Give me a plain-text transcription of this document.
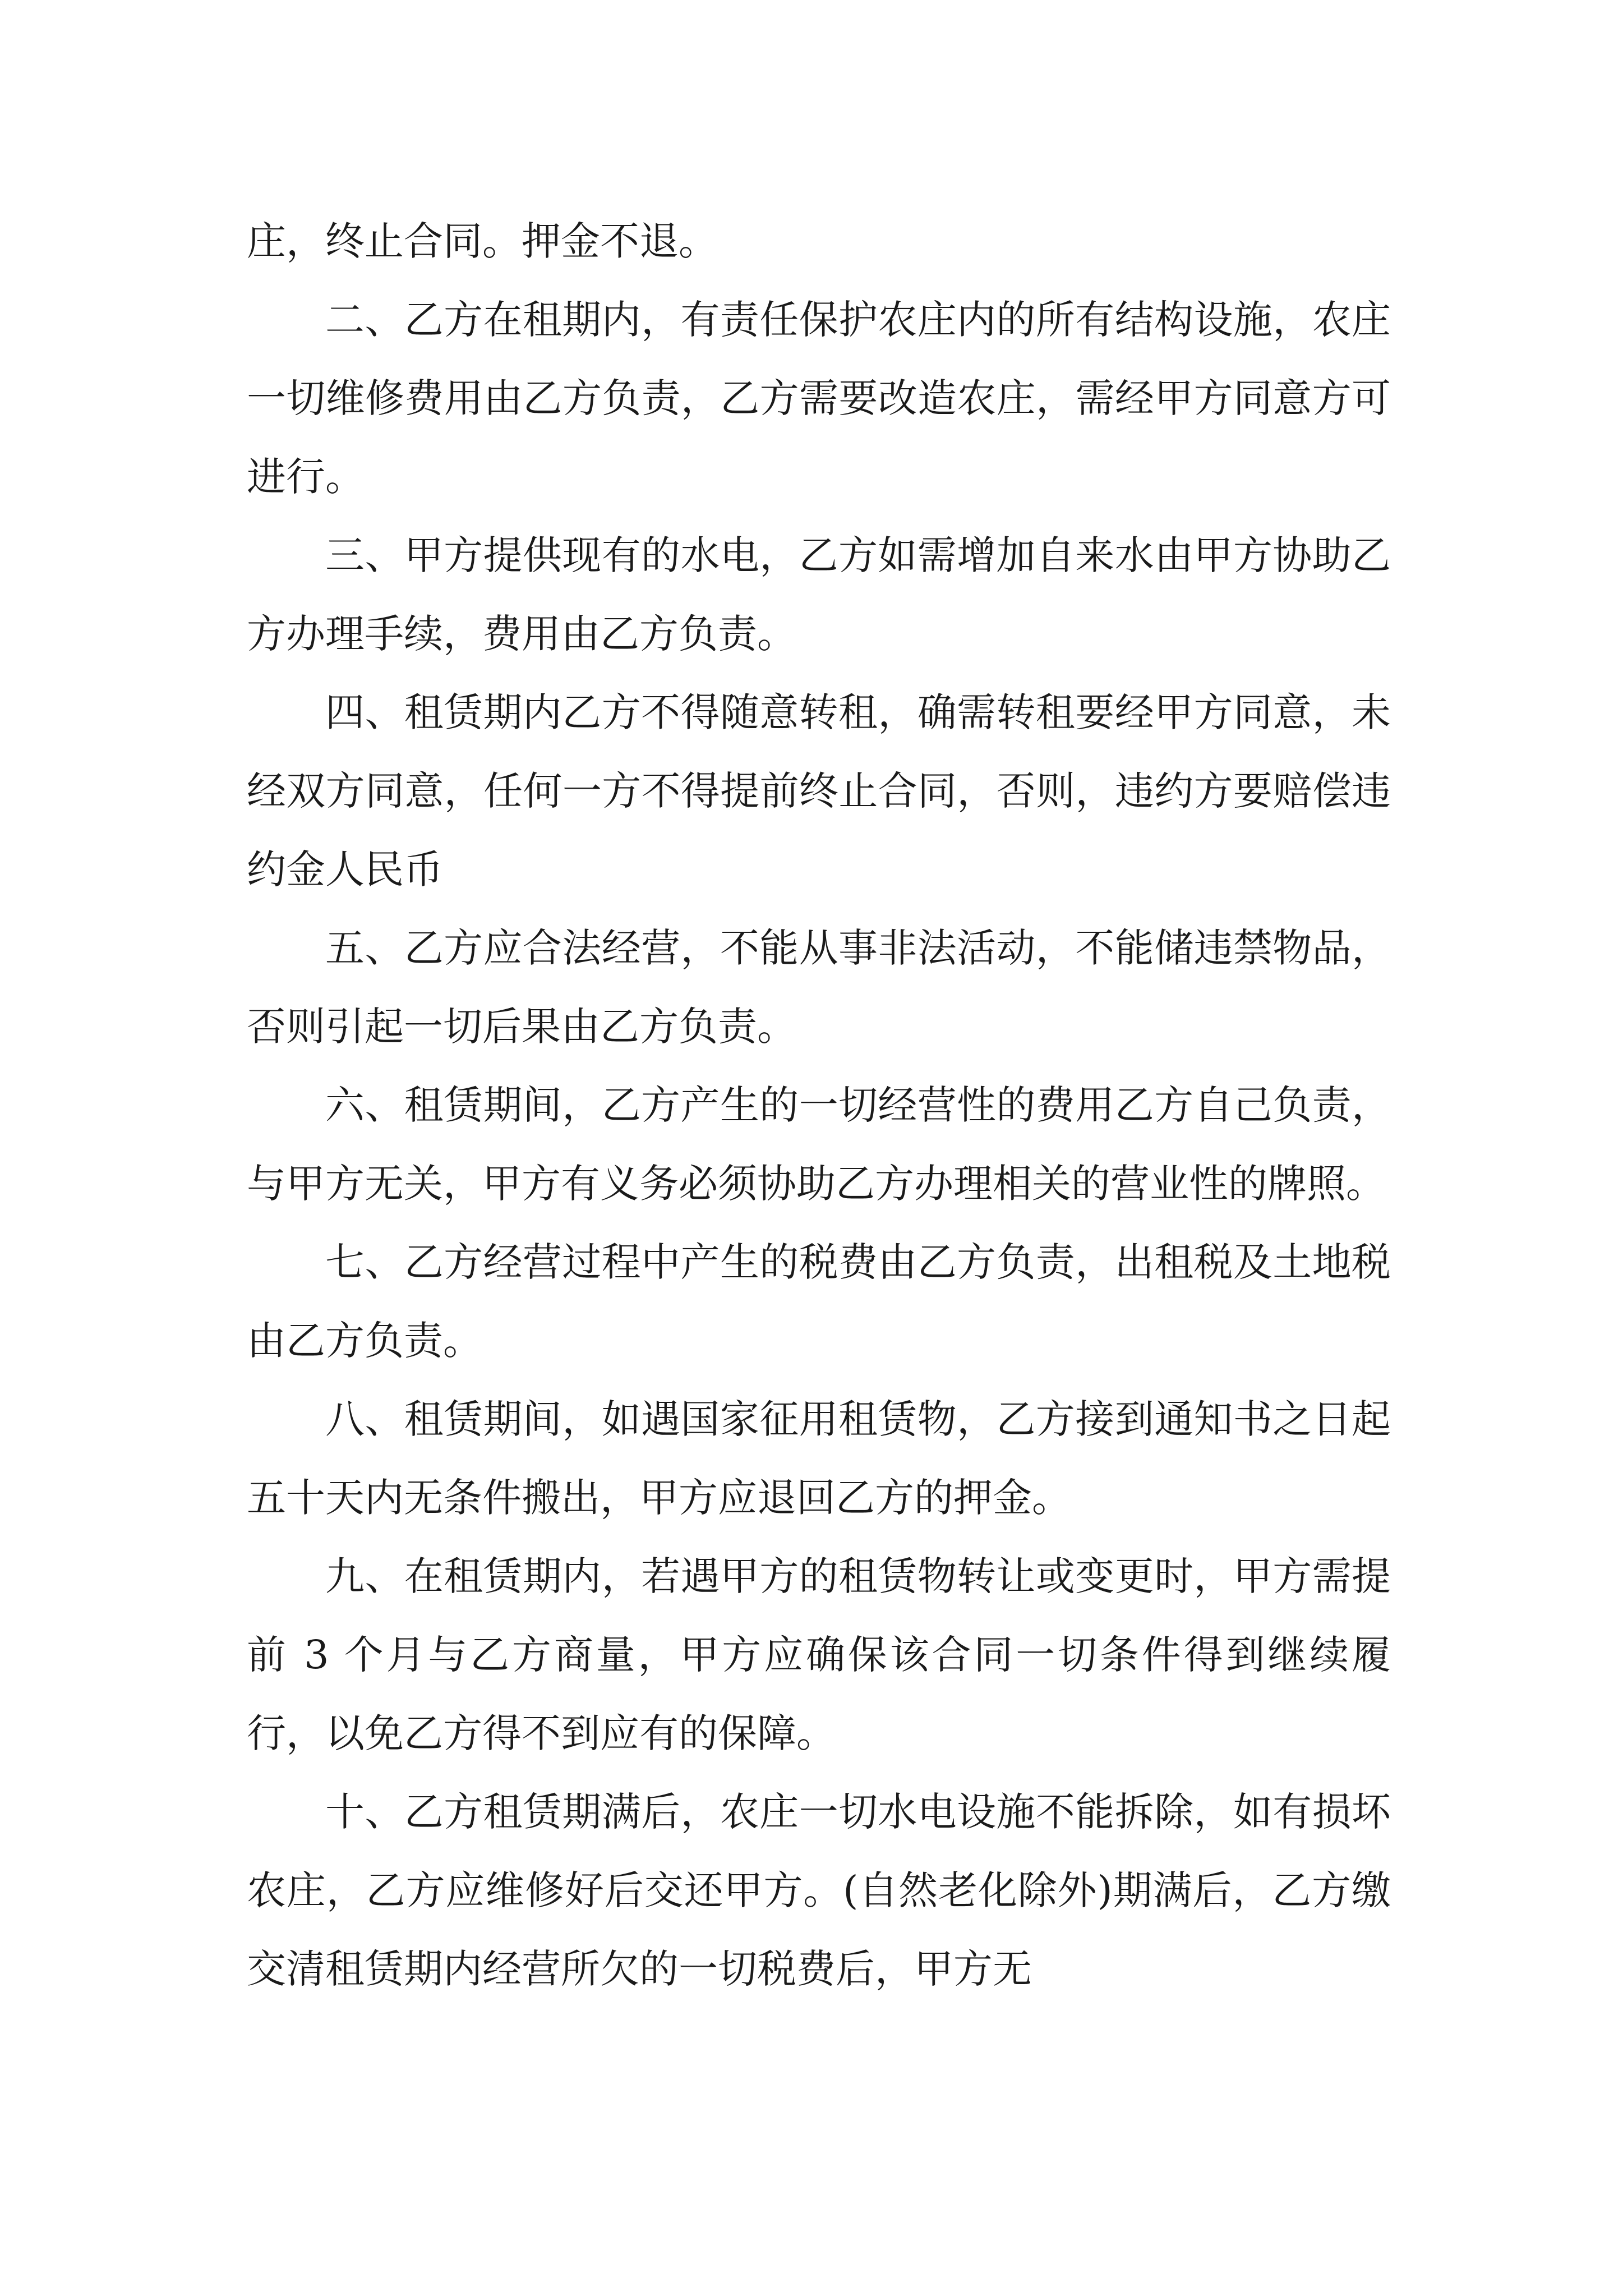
庄，终止合同。押金不退。

二、乙方在租期内，有责任保护农庄内的所有结构设施，农庄一切维修费用由乙方负责，乙方需要改造农庄，需经甲方同意方可进行。

三、甲方提供现有的水电，乙方如需增加自来水由甲方协助乙方办理手续，费用由乙方负责。

四、租赁期内乙方不得随意转租，确需转租要经甲方同意，未经双方同意，任何一方不得提前终止合同，否则，违约方要赔偿违约金人民币

五、乙方应合法经营，不能从事非法活动，不能储违禁物品，否则引起一切后果由乙方负责。

六、租赁期间，乙方产生的一切经营性的费用乙方自己负责，与甲方无关，甲方有义务必须协助乙方办理相关的营业性的牌照。

七、乙方经营过程中产生的税费由乙方负责，出租税及土地税由乙方负责。

八、租赁期间，如遇国家征用租赁物，乙方接到通知书之日起五十天内无条件搬出，甲方应退回乙方的押金。

九、在租赁期内，若遇甲方的租赁物转让或变更时，甲方需提前 3 个月与乙方商量，甲方应确保该合同一切条件得到继续履行，以免乙方得不到应有的保障。

十、乙方租赁期满后，农庄一切水电设施不能拆除，如有损坏农庄，乙方应维修好后交还甲方。(自然老化除外)期满后，乙方缴交清租赁期内经营所欠的一切税费后，甲方无
